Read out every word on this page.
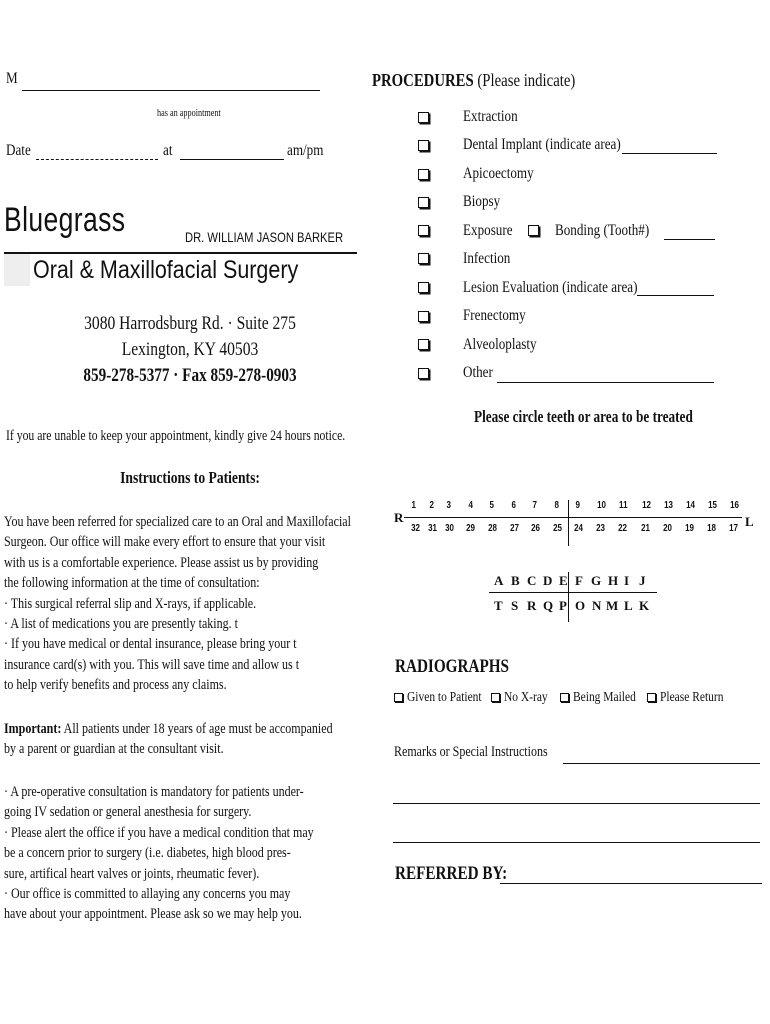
M
has an appointment
Date	at	am/pm
Bluegrass	DR. WILLIAM JASON BARKER
Oral & Maxillofacial Surgery
3080 Harrodsburg Rd. · Suite 275
Lexington, KY 40503
859-278-5377 · Fax 859-278-0903
If you are unable to keep your appointment, kindly give 24 hours notice.
Instructions to Patients:
You have been referred for specialized care to an Oral and Maxillofacial
Surgeon. Our office will make every effort to ensure that your visit
with us is a comfortable experience. Please assist us by providing
the following information at the time of consultation:
· This surgical referral slip and X-rays, if applicable.
· A list of medications you are presently taking. t
· If you have medical or dental insurance, please bring your t
insurance card(s) with you. This will save time and allow us t
to help verify benefits and process any claims.
Important: All patients under 18 years of age must be accompanied
by a parent or guardian at the consultant visit.
· A pre-operative consultation is mandatory for patients under-
going IV sedation or general anesthesia for surgery.
· Please alert the office if you have a medical condition that may
be a concern prior to surgery (i.e. diabetes, high blood pres-
sure, artifical heart valves or joints, rheumatic fever).
· Our office is committed to allaying any concerns you may
have about your appointment. Please ask so we may help you.
PROCEDURES (Please indicate)
Extraction
Dental Implant (indicate area)
Apicoectomy
Biopsy
Exposure	Bonding (Tooth#)
Infection
Lesion Evaluation (indicate area)
Frenectomy
Alveoloplasty
Other
Please circle teeth or area to be treated
R	L
1 2 3 4 5 6 7 8 9 10 11 12 13 14 15 16
32 31 30 29 28 27 26 25 24 23 22 21 20 19 18 17
A B C D E F G H I J
T S R Q P O N M L K
RADIOGRAPHS
Given to Patient No X-ray Being Mailed Please Return
Remarks or Special Instructions
REFERRED BY:
